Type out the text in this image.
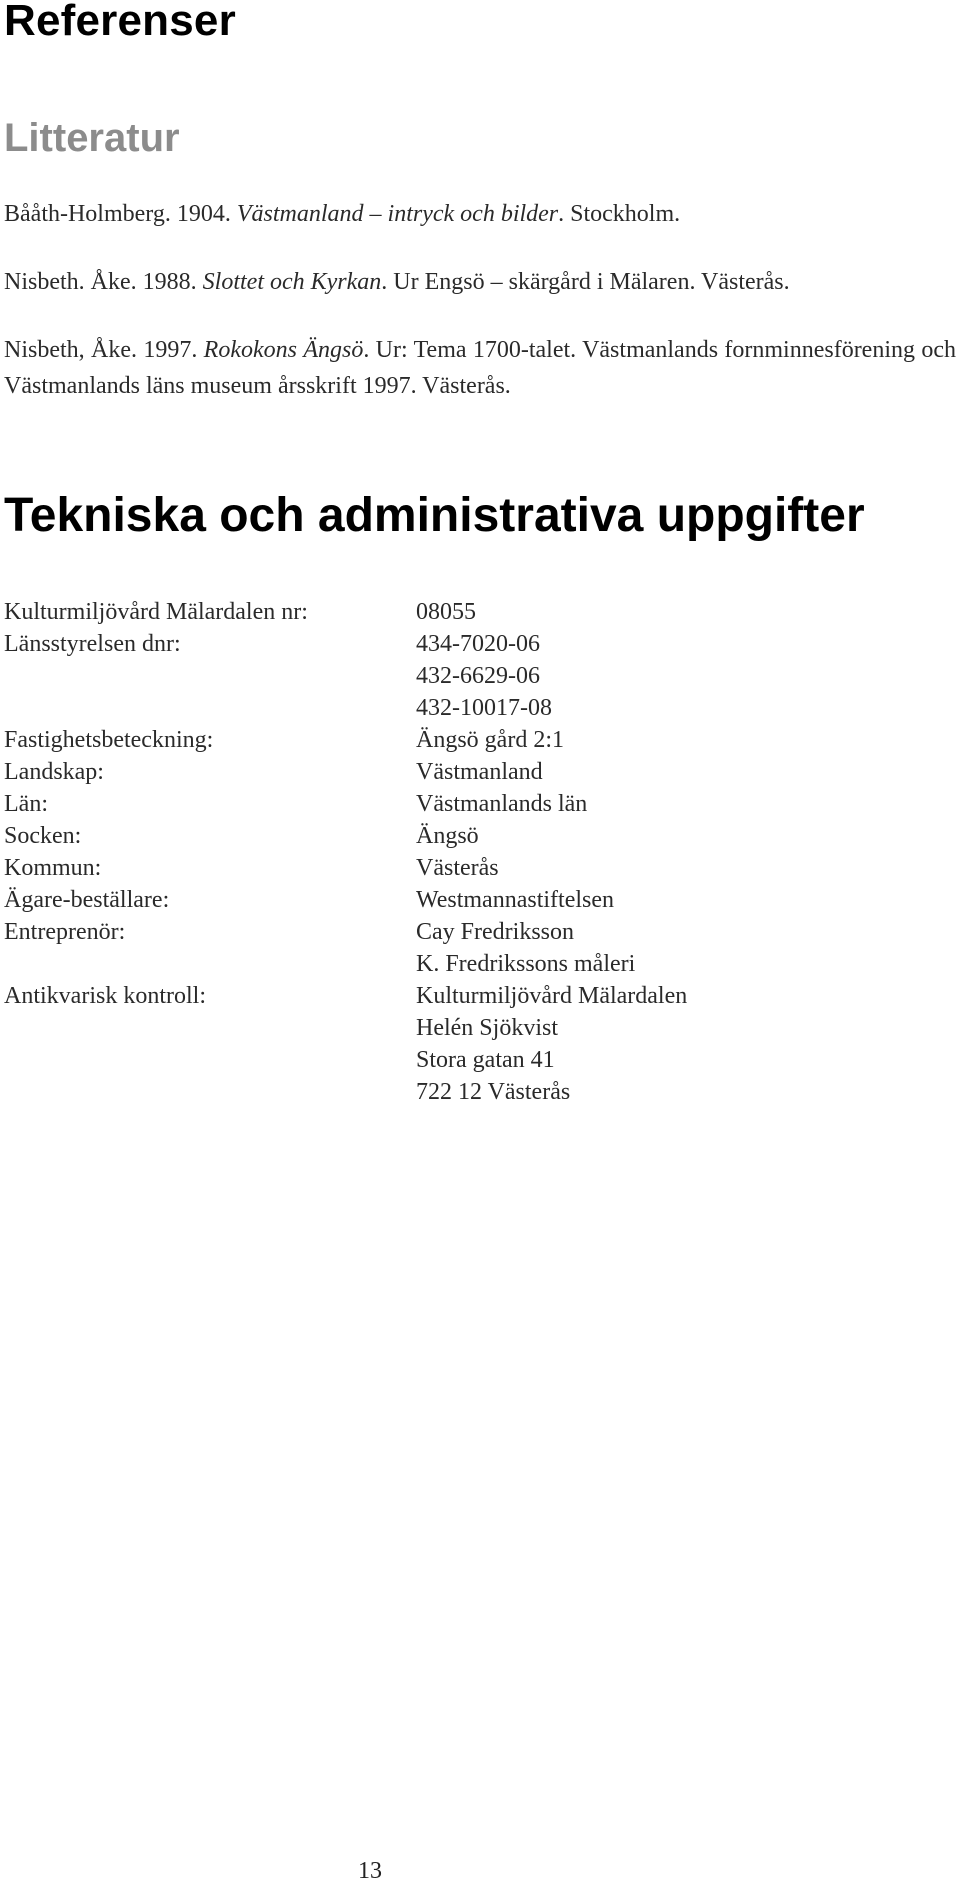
Referenser
Litteratur

Bååth-Holmberg. 1904. Västmanland – intryck och bilder. Stockholm.

Nisbeth. Åke. 1988. Slottet och Kyrkan. Ur Engsö – skärgård i Mälaren. Västerås.

Nisbeth, Åke. 1997. Rokokons Ängsö. Ur: Tema 1700-talet. Västmanlands fornminnesförening och Västmanlands läns museum årsskrift 1997. Västerås.

Tekniska och administrativa uppgifter
Kulturmiljövård Mälardalen nr:	08055
Länsstyrelsen dnr:	434-7020-06
432-6629-06
432-10017-08
Fastighetsbeteckning:	Ängsö gård 2:1
Landskap:	Västmanland
Län:	Västmanlands län
Socken:	Ängsö
Kommun:	Västerås
Ägare-beställare:	Westmannastiftelsen
Entreprenör:	Cay Fredriksson
K. Fredrikssons måleri
Antikvarisk kontroll:	Kulturmiljövård Mälardalen
Helén Sjökvist
Stora gatan 41
722 12 Västerås
13
